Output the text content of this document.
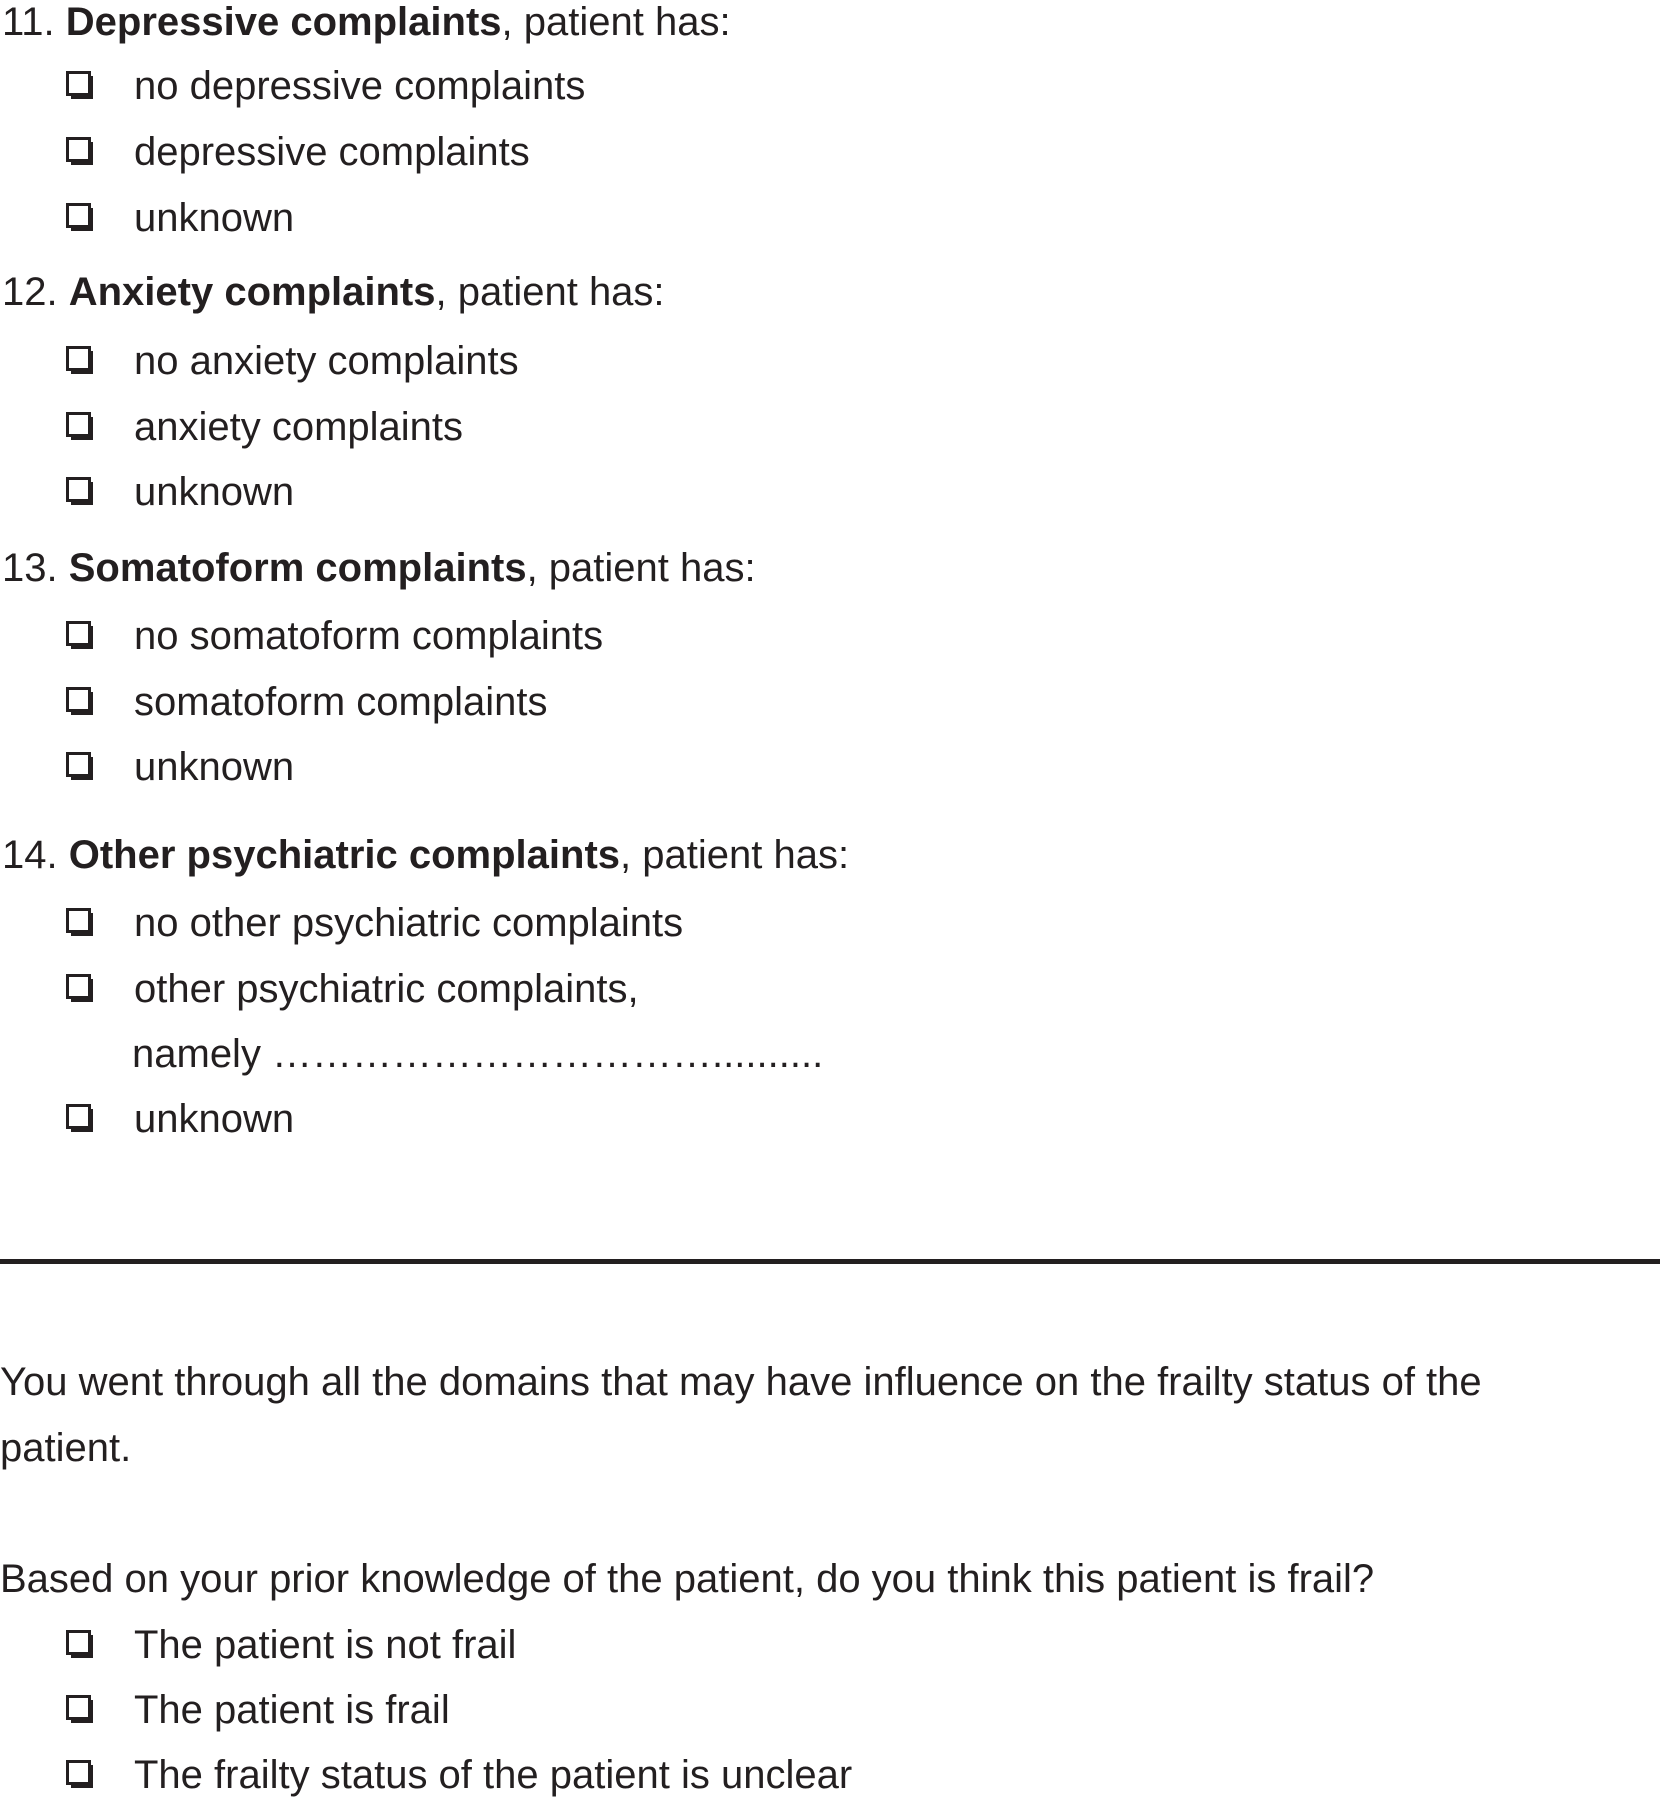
11. Depressive complaints, patient has:
no depressive complaints
depressive complaints
unknown
12. Anxiety complaints, patient has:
no anxiety complaints
anxiety complaints
unknown
13. Somatoform complaints, patient has:
no somatoform complaints
somatoform complaints
unknown
14. Other psychiatric complaints, patient has:
no other psychiatric complaints
other psychiatric complaints,
namely ……………………………..........
unknown
You went through all the domains that may have influence on the frailty status of the
patient.
Based on your prior knowledge of the patient, do you think this patient is frail?
The patient is not frail
The patient is frail
The frailty status of the patient is unclear
